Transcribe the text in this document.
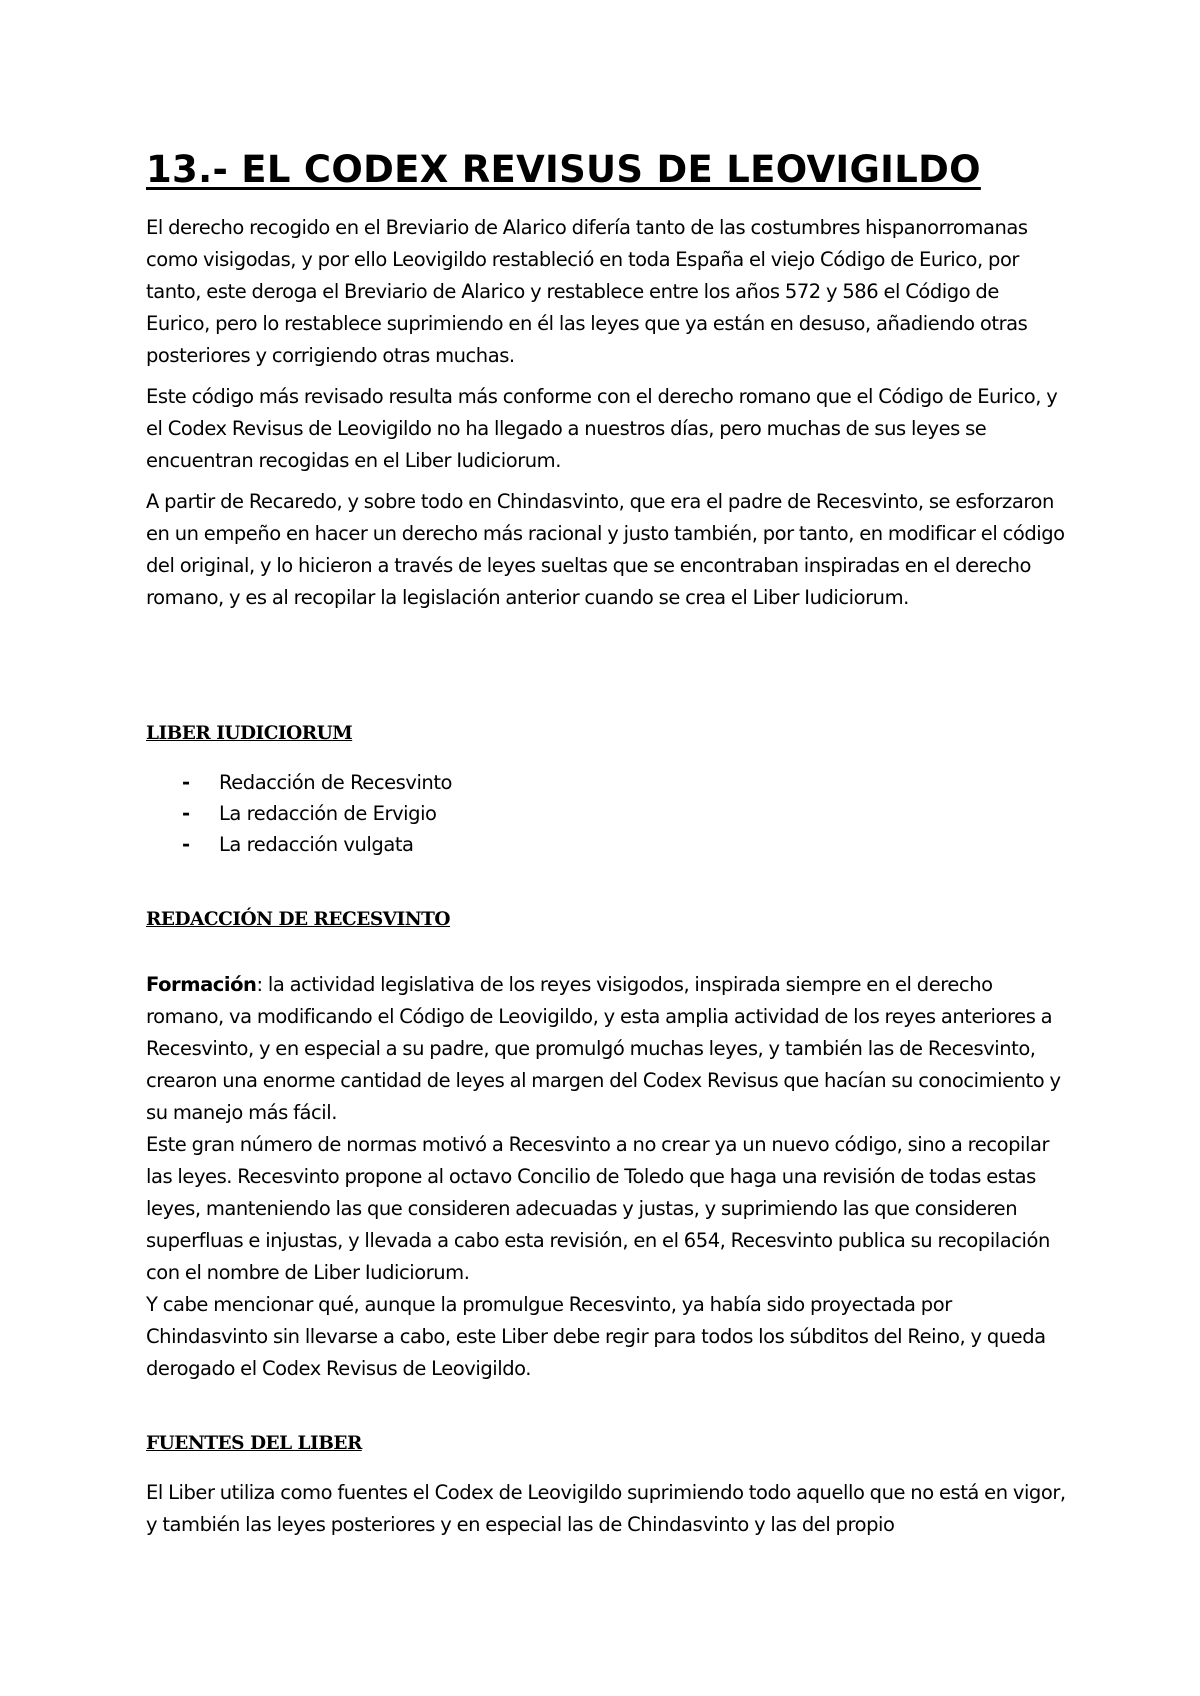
13.- EL CODEX REVISUS DE LEOVIGILDO

El derecho recogido en el Breviario de Alarico difería tanto de las costumbres hispanorromanas como visigodas, y por ello Leovigildo restableció en toda España el viejo Código de Eurico, por tanto, este deroga el Breviario de Alarico y restablece entre los años 572 y 586 el Código de Eurico, pero lo restablece suprimiendo en él las leyes que ya están en desuso, añadiendo otras posteriores y corrigiendo otras muchas.

Este código más revisado resulta más conforme con el derecho romano que el Código de Eurico, y el Codex Revisus de Leovigildo no ha llegado a nuestros días, pero muchas de sus leyes se encuentran recogidas en el Liber Iudiciorum.

A partir de Recaredo, y sobre todo en Chindasvinto, que era el padre de Recesvinto, se esforzaron en un empeño en hacer un derecho más racional y justo también, por tanto, en modificar el código del original, y lo hicieron a través de leyes sueltas que se encontraban inspiradas en el derecho romano, y es al recopilar la legislación anterior cuando se crea el Liber Iudiciorum.

LIBER IUDICIORUM
- Redacción de Recesvinto
- La redacción de Ervigio
- La redacción vulgata
REDACCIÓN DE RECESVINTO

Formación: la actividad legislativa de los reyes visigodos, inspirada siempre en el derecho romano, va modificando el Código de Leovigildo, y esta amplia actividad de los reyes anteriores a Recesvinto, y en especial a su padre, que promulgó muchas leyes, y también las de Recesvinto, crearon una enorme cantidad de leyes al margen del Codex Revisus que hacían su conocimiento y su manejo más fácil.

Este gran número de normas motivó a Recesvinto a no crear ya un nuevo código, sino a recopilar las leyes. Recesvinto propone al octavo Concilio de Toledo que haga una revisión de todas estas leyes, manteniendo las que consideren adecuadas y justas, y suprimiendo las que consideren superfluas e injustas, y llevada a cabo esta revisión, en el 654, Recesvinto publica su recopilación con el nombre de Liber Iudiciorum.

Y cabe mencionar qué, aunque la promulgue Recesvinto, ya había sido proyectada por Chindasvinto sin llevarse a cabo, este Liber debe regir para todos los súbditos del Reino, y queda derogado el Codex Revisus de Leovigildo.

FUENTES DEL LIBER

El Liber utiliza como fuentes el Codex de Leovigildo suprimiendo todo aquello que no está en vigor, y también las leyes posteriores y en especial las de Chindasvinto y las del propio
